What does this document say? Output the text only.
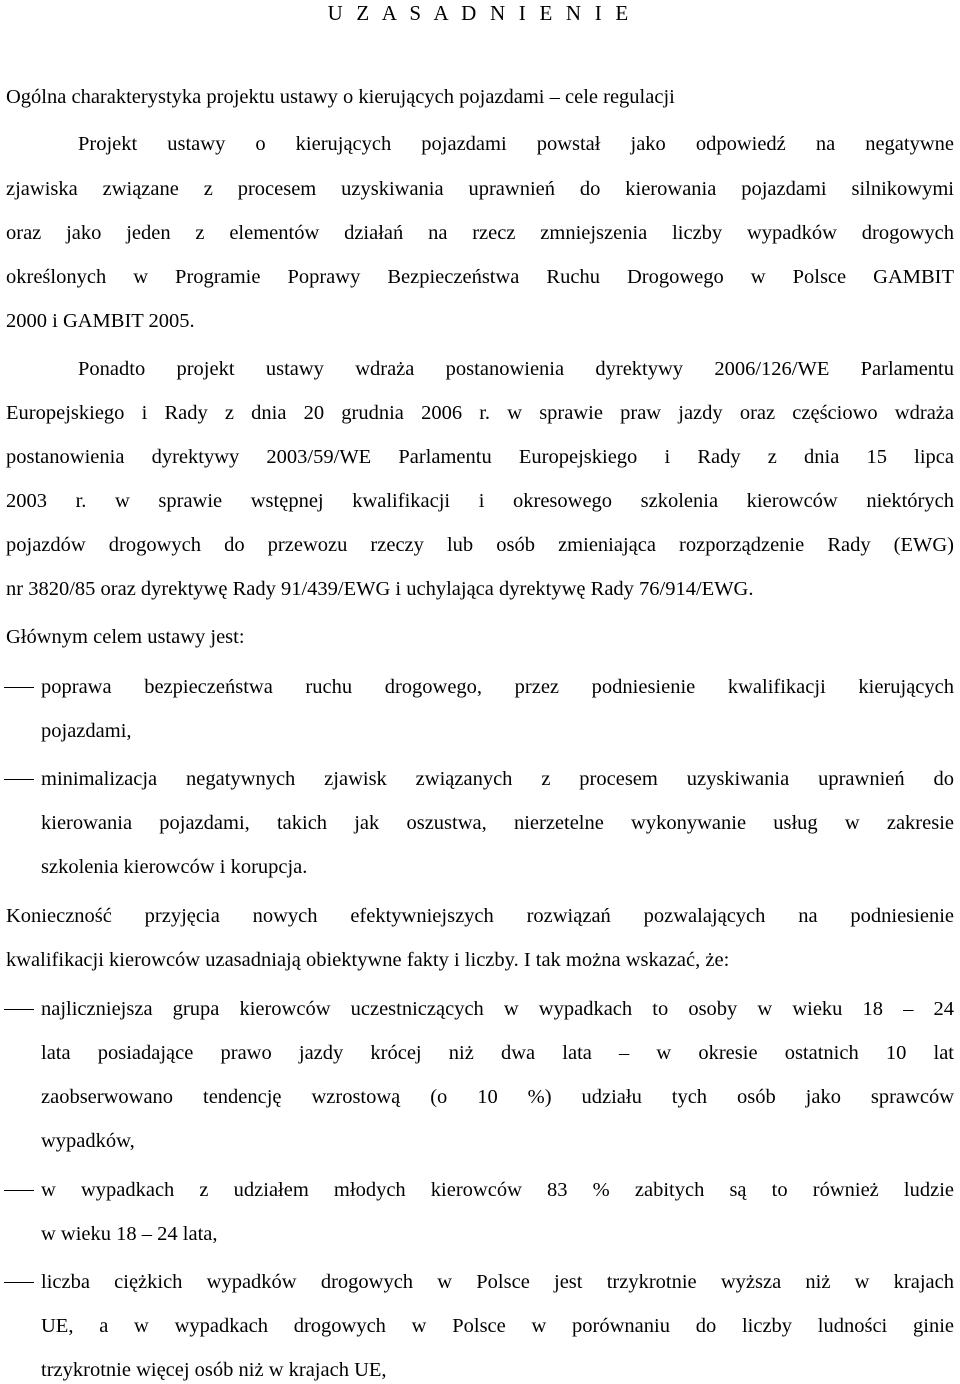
U Z A S A D N I E N I E
Ogólna charakterystyka projektu ustawy o kierujących pojazdami – cele regulacji
Projekt ustawy o kierujących pojazdami powstał jako odpowiedź na negatywne
zjawiska związane z procesem uzyskiwania uprawnień do kierowania pojazdami silnikowymi
oraz jako jeden z elementów działań na rzecz zmniejszenia liczby wypadków drogowych
określonych w Programie Poprawy Bezpieczeństwa Ruchu Drogowego w Polsce GAMBIT
2000 i GAMBIT 2005.
Ponadto projekt ustawy wdraża postanowienia dyrektywy 2006/126/WE Parlamentu
Europejskiego i Rady z dnia 20 grudnia 2006 r. w sprawie praw jazdy oraz częściowo wdraża
postanowienia dyrektywy 2003/59/WE Parlamentu Europejskiego i Rady z dnia 15 lipca
2003 r. w sprawie wstępnej kwalifikacji i okresowego szkolenia kierowców niektórych
pojazdów drogowych do przewozu rzeczy lub osób zmieniająca rozporządzenie Rady (EWG)
nr 3820/85 oraz dyrektywę Rady 91/439/EWG i uchylająca dyrektywę Rady 76/914/EWG.
Głównym celem ustawy jest:
poprawa bezpieczeństwa ruchu drogowego, przez podniesienie kwalifikacji kierujących
pojazdami,
minimalizacja negatywnych zjawisk związanych z procesem uzyskiwania uprawnień do
kierowania pojazdami, takich jak oszustwa, nierzetelne wykonywanie usług w zakresie
szkolenia kierowców i korupcja.
Konieczność przyjęcia nowych efektywniejszych rozwiązań pozwalających na podniesienie
kwalifikacji kierowców uzasadniają obiektywne fakty i liczby. I tak można wskazać, że:
najliczniejsza grupa kierowców uczestniczących w wypadkach to osoby w wieku 18 – 24
lata posiadające prawo jazdy krócej niż dwa lata – w okresie ostatnich 10 lat
zaobserwowano tendencję wzrostową (o 10 %) udziału tych osób jako sprawców
wypadków,
w wypadkach z udziałem młodych kierowców 83 % zabitych są to również ludzie
w wieku 18 – 24 lata,
liczba ciężkich wypadków drogowych w Polsce jest trzykrotnie wyższa niż w krajach
UE, a w wypadkach drogowych w Polsce w porównaniu do liczby ludności ginie
trzykrotnie więcej osób niż w krajach UE,
